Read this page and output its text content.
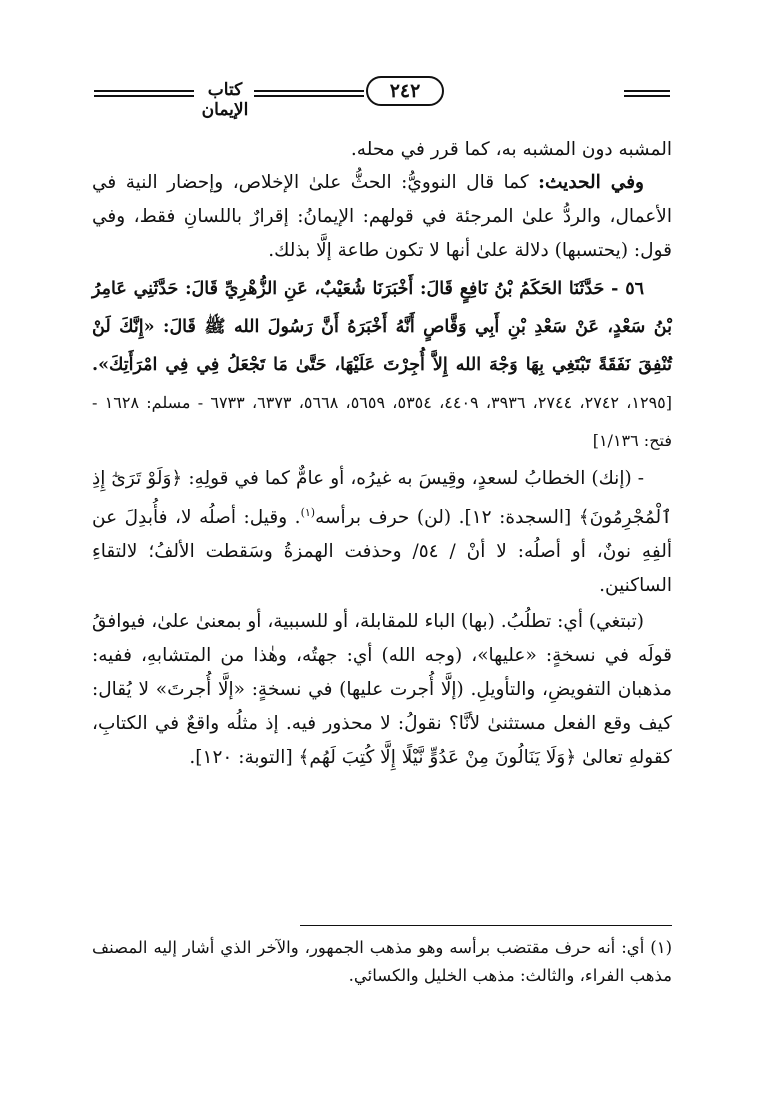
كتاب الإيمان
٢٤٢

المشبه دون المشبه به، كما قرر في محله.

وفي الحديث: كما قال النوويُّ: الحثُّ علىٰ الإخلاص، وإحضار النية في الأعمال، والردُّ علىٰ المرجئة في قولهم: الإيمانُ: إقرارٌ باللسانِ فقط، وفي قول: (يحتسبها) دلالة علىٰ أنها لا تكون طاعة إلَّا بذلك.

٥٦ - حَدَّثَنَا الحَكَمُ بْنُ نَافِعٍ قَالَ: أَخْبَرَنَا شُعَيْبٌ، عَنِ الزُّهْرِيِّ قَالَ: حَدَّثَنِي عَامِرُ بْنُ سَعْدٍ، عَنْ سَعْدِ بْنِ أَبِي وَقَّاصٍ أَنَّهُ أَخْبَرَهُ أَنَّ رَسُولَ الله ﷺ قَالَ: «إِنَّكَ لَنْ تُنْفِقَ نَفَقَةً تَبْتَغِي بِهَا وَجْهَ الله إِلاَّ أُجِرْتَ عَلَيْهَا، حَتَّىٰ مَا تَجْعَلُ فِي فِي امْرَأَتِكَ». [١٢٩٥، ٢٧٤٢، ٢٧٤٤، ٣٩٣٦، ٤٤٠٩، ٥٣٥٤، ٥٦٥٩، ٥٦٦٨، ٦٣٧٣، ٦٧٣٣ - مسلم: ١٦٢٨ - فتح: ١/١٣٦]

- (إنك) الخطابُ لسعدٍ، وقِيسَ به غيرُه، أو عامٌّ كما في قولِهِ: ﴿وَلَوْ تَرَىٰٓ إِذِ ٱلْمُجْرِمُونَ﴾ [السجدة: ١٢]. (لن) حرف برأسه$^{(١)}$. وقيل: أصلُه لا، فأُبدِلَ عن ألفِهِ نونٌ، أو أصلُه: لا أنْ / ٥٤/ وحذفت الهمزةُ وسَقطت الألفُ؛ لالتقاءِ الساكنين.

(تبتغي) أي: تطلُبُ. (بها) الباء للمقابلة، أو للسببية، أو بمعنىٰ علىٰ، فيوافقُ قولَه في نسخةٍ: «عليها»، (وجه الله) أي: جهتُه، وهٰذا من المتشابهِ، ففيه: مذهبان التفويضِ، والتأويلِ. (إلَّا أُجرت عليها) في نسخةٍ: «إلَّا أُجرتَ» لا يُقال: كيف وقع الفعل مستثنىٰ لأنَّا؟ نقولُ: لا محذور فيه. إذ مثلُه واقعٌ في الكتابِ، كقولهِ تعالىٰ ﴿وَلَا يَنَالُونَ مِنْ عَدُوٍّ نَّيْلًا إِلَّا كُتِبَ لَهُم﴾ [التوبة: ١٢٠].

(١) أي: أنه حرف مقتضب برأسه وهو مذهب الجمهور، والآخر الذي أشار إليه المصنف مذهب الفراء، والثالث: مذهب الخليل والكسائي.
